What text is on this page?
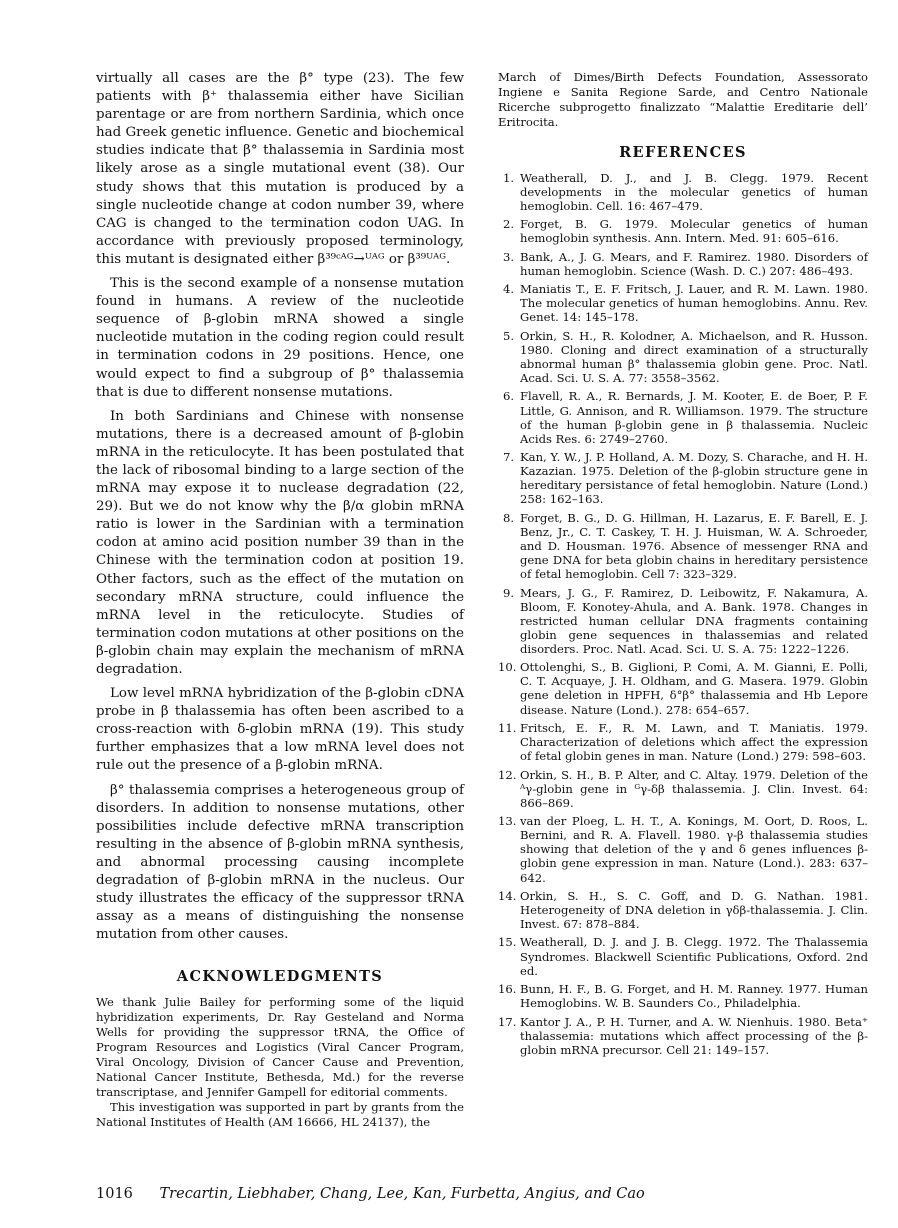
virtually all cases are the β° type (23). The few patients with β⁺ thalassemia either have Sicilian parentage or are from northern Sardinia, which once had Greek genetic influence. Genetic and biochemical studies indicate that β° thalassemia in Sardinia most likely arose as a single mutational event (38). Our study shows that this mutation is produced by a single nucleotide change at codon number 39, where CAG is changed to the termination codon UAG. In accordance with previously proposed terminology, this mutant is designated either β³⁹ᶜᴬᴳ→ᵁᴬᴳ or β³⁹ᵁᴬᴳ.

This is the second example of a nonsense mutation found in humans. A review of the nucleotide sequence of β-globin mRNA showed a single nucleotide mutation in the coding region could result in termination codons in 29 positions. Hence, one would expect to find a subgroup of β° thalassemia that is due to different nonsense mutations.

In both Sardinians and Chinese with nonsense mutations, there is a decreased amount of β-globin mRNA in the reticulocyte. It has been postulated that the lack of ribosomal binding to a large section of the mRNA may expose it to nuclease degradation (22, 29). But we do not know why the β/α globin mRNA ratio is lower in the Sardinian with a termination codon at amino acid position number 39 than in the Chinese with the termination codon at position 19. Other factors, such as the effect of the mutation on secondary mRNA structure, could influence the mRNA level in the reticulocyte. Studies of termination codon mutations at other positions on the β-globin chain may explain the mechanism of mRNA degradation.

Low level mRNA hybridization of the β-globin cDNA probe in β thalassemia has often been ascribed to a cross-reaction with δ-globin mRNA (19). This study further emphasizes that a low mRNA level does not rule out the presence of a β-globin mRNA.

β° thalassemia comprises a heterogeneous group of disorders. In addition to nonsense mutations, other possibilities include defective mRNA transcription resulting in the absence of β-globin mRNA synthesis, and abnormal processing causing incomplete degradation of β-globin mRNA in the nucleus. Our study illustrates the efficacy of the suppressor tRNA assay as a means of distinguishing the nonsense mutation from other causes.

ACKNOWLEDGMENTS

We thank Julie Bailey for performing some of the liquid hybridization experiments, Dr. Ray Gesteland and Norma Wells for providing the suppressor tRNA, the Office of Program Resources and Logistics (Viral Cancer Program, Viral Oncology, Division of Cancer Cause and Prevention, National Cancer Institute, Bethesda, Md.) for the reverse transcriptase, and Jennifer Gampell for editorial comments.

This investigation was supported in part by grants from the National Institutes of Health (AM 16666, HL 24137), the

March of Dimes/Birth Defects Foundation, Assessorato Ingiene e Sanita Regione Sarde, and Centro Nationale Ricerche subprogetto finalizzato “Malattie Ereditarie dell’ Eritrocita.

REFERENCES
1. Weatherall, D. J., and J. B. Clegg. 1979. Recent developments in the molecular genetics of human hemoglobin. Cell. 16: 467–479.
2. Forget, B. G. 1979. Molecular genetics of human hemoglobin synthesis. Ann. Intern. Med. 91: 605–616.
3. Bank, A., J. G. Mears, and F. Ramirez. 1980. Disorders of human hemoglobin. Science (Wash. D. C.) 207: 486–493.
4. Maniatis T., E. F. Fritsch, J. Lauer, and R. M. Lawn. 1980. The molecular genetics of human hemoglobins. Annu. Rev. Genet. 14: 145–178.
5. Orkin, S. H., R. Kolodner, A. Michaelson, and R. Husson. 1980. Cloning and direct examination of a structurally abnormal human β° thalassemia globin gene. Proc. Natl. Acad. Sci. U. S. A. 77: 3558–3562.
6. Flavell, R. A., R. Bernards, J. M. Kooter, E. de Boer, P. F. Little, G. Annison, and R. Williamson. 1979. The structure of the human β-globin gene in β thalassemia. Nucleic Acids Res. 6: 2749–2760.
7. Kan, Y. W., J. P. Holland, A. M. Dozy, S. Charache, and H. H. Kazazian. 1975. Deletion of the β-globin structure gene in hereditary persistance of fetal hemoglobin. Nature (Lond.) 258: 162–163.
8. Forget, B. G., D. G. Hillman, H. Lazarus, E. F. Barell, E. J. Benz, Jr., C. T. Caskey, T. H. J. Huisman, W. A. Schroeder, and D. Housman. 1976. Absence of messenger RNA and gene DNA for beta globin chains in hereditary persistence of fetal hemoglobin. Cell 7: 323–329.
9. Mears, J. G., F. Ramirez, D. Leibowitz, F. Nakamura, A. Bloom, F. Konotey-Ahula, and A. Bank. 1978. Changes in restricted human cellular DNA fragments containing globin gene sequences in thalassemias and related disorders. Proc. Natl. Acad. Sci. U. S. A. 75: 1222–1226.
10. Ottolenghi, S., B. Giglioni, P. Comi, A. M. Gianni, E. Polli, C. T. Acquaye, J. H. Oldham, and G. Masera. 1979. Globin gene deletion in HPFH, δ°β° thalassemia and Hb Lepore disease. Nature (Lond.). 278: 654–657.
11. Fritsch, E. F., R. M. Lawn, and T. Maniatis. 1979. Characterization of deletions which affect the expression of fetal globin genes in man. Nature (Lond.) 279: 598–603.
12. Orkin, S. H., B. P. Alter, and C. Altay. 1979. Deletion of the ᴬγ-globin gene in ᴳγ-δβ thalassemia. J. Clin. Invest. 64: 866–869.
13. van der Ploeg, L. H. T., A. Konings, M. Oort, D. Roos, L. Bernini, and R. A. Flavell. 1980. γ-β thalassemia studies showing that deletion of the γ and δ genes influences β-globin gene expression in man. Nature (Lond.). 283: 637–642.
14. Orkin, S. H., S. C. Goff, and D. G. Nathan. 1981. Heterogeneity of DNA deletion in γδβ-thalassemia. J. Clin. Invest. 67: 878–884.
15. Weatherall, D. J. and J. B. Clegg. 1972. The Thalassemia Syndromes. Blackwell Scientific Publications, Oxford. 2nd ed.
16. Bunn, H. F., B. G. Forget, and H. M. Ranney. 1977. Human Hemoglobins. W. B. Saunders Co., Philadelphia.
17. Kantor J. A., P. H. Turner, and A. W. Nienhuis. 1980. Beta⁺ thalassemia: mutations which affect processing of the β-globin mRNA precursor. Cell 21: 149–157.
1016 Trecartin, Liebhaber, Chang, Lee, Kan, Furbetta, Angius, and Cao
